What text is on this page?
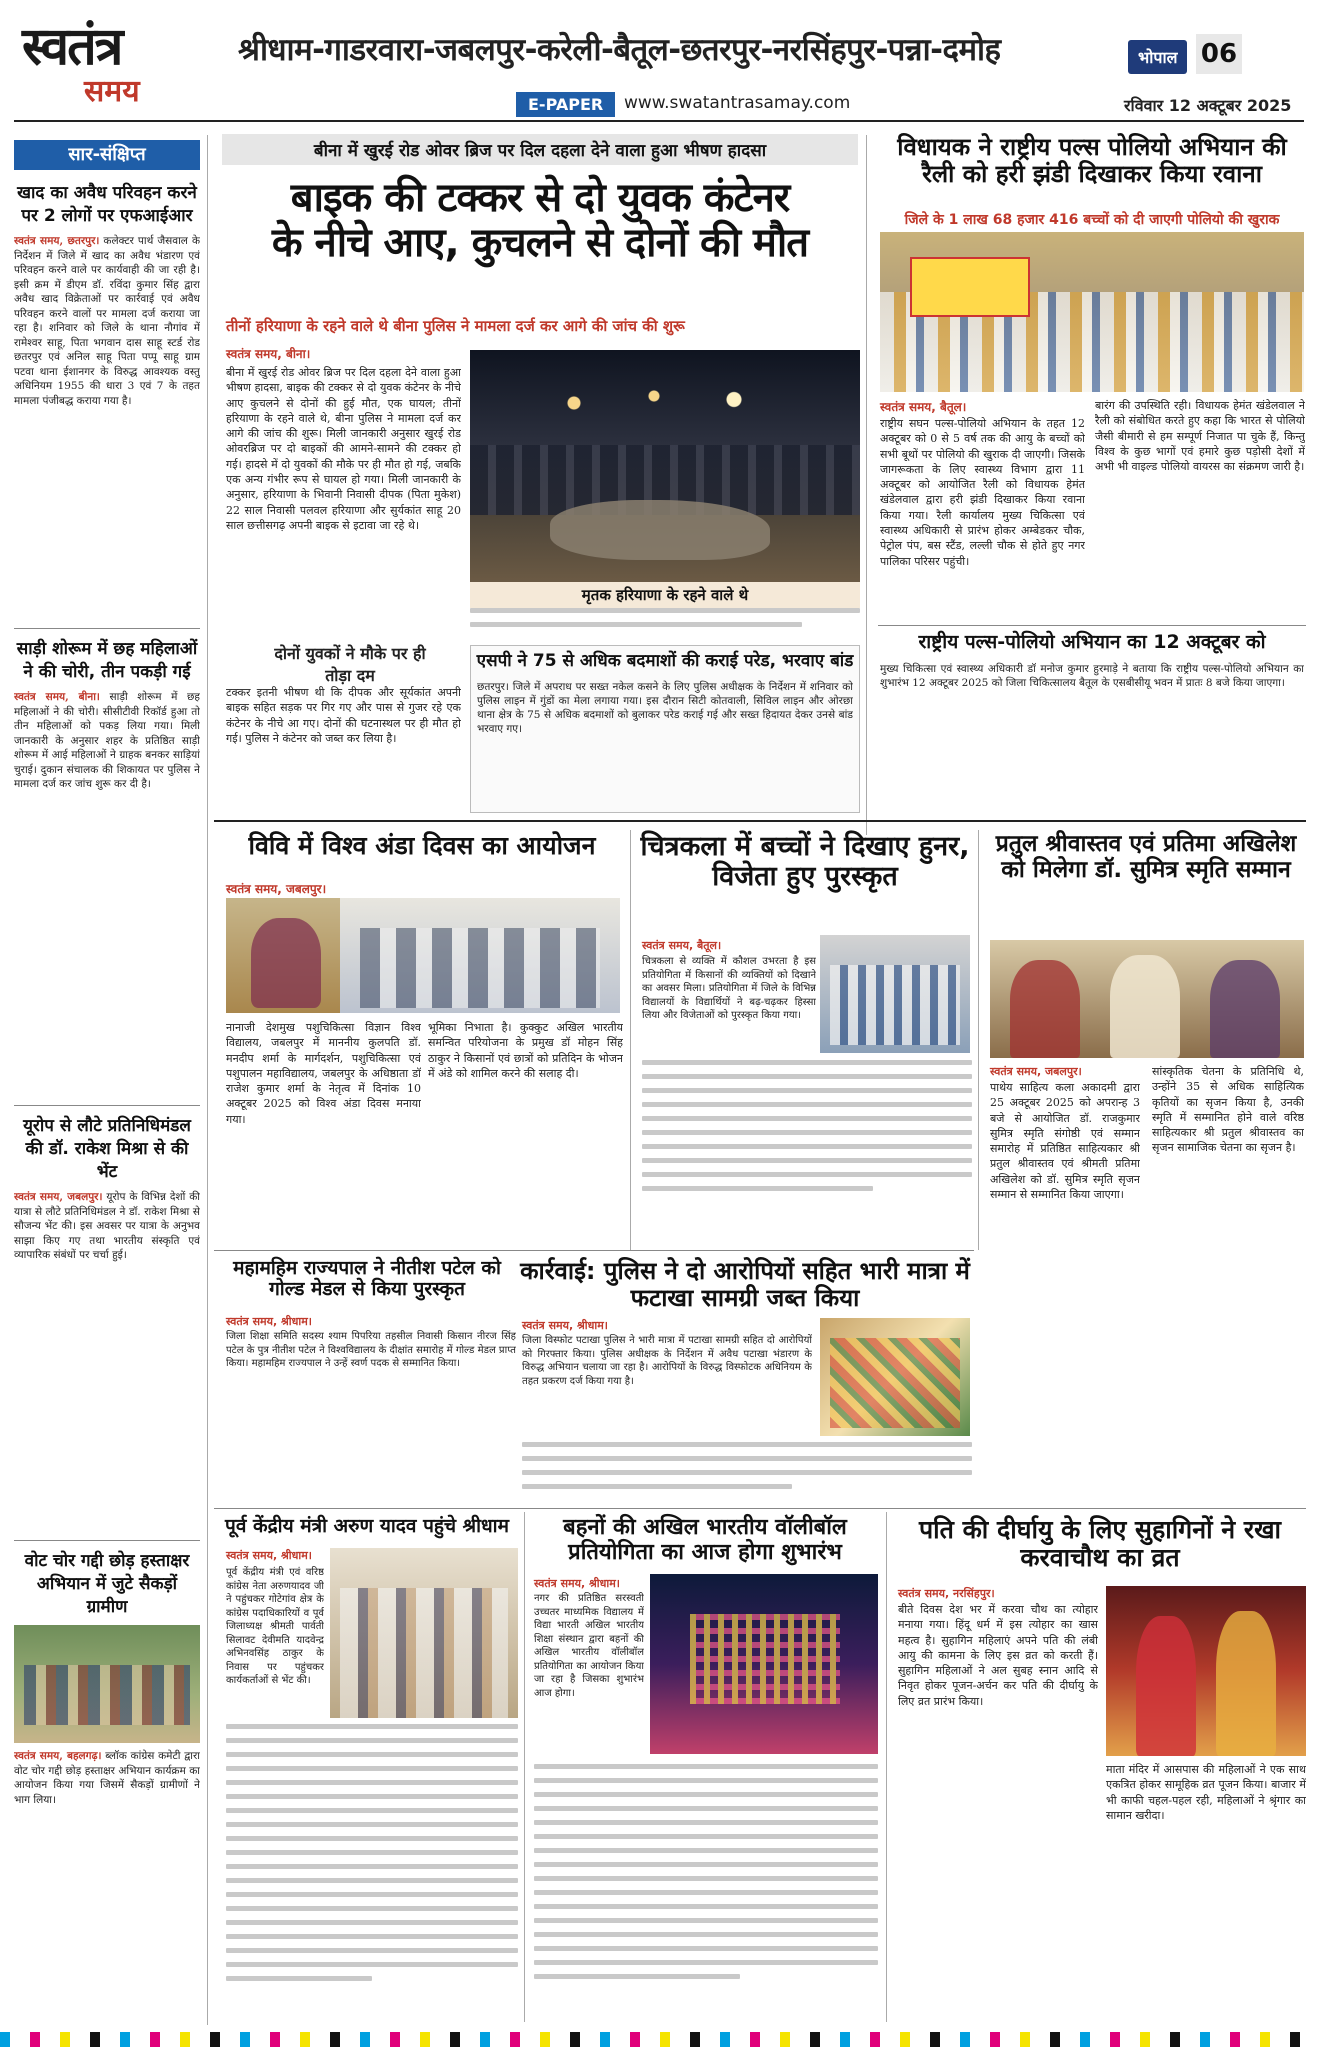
स्वतंत्र
समय
श्रीधाम-गाडरवारा-जबलपुर-करेली-बैतूल-छतरपुर-नरसिंहपुर-पन्ना-दमोह	भोपाल 06
E-PAPER	www.swatantrasamay.com	रविवार 12 अक्टूबर 2025
सार-संक्षिप्त
खाद का अवैध परिवहन करने पर 2 लोगों पर एफआईआर
स्वतंत्र समय, छतरपुर। कलेक्टर पार्थ जैसवाल के निर्देशन में जिले में खाद का अवैध भंडारण एवं परिवहन करने वाले पर कार्यवाही की जा रही है। इसी क्रम में डीएम डॉ. रविंदा कुमार सिंह द्वारा अवैध खाद विक्रेताओं पर कार्रवाई एवं अवैध परिवहन करने वालों पर मामला दर्ज कराया जा रहा है। शनिवार को जिले के थाना नौगांव में रामेश्वर साहू, पिता भगवान दास साहू स्टर्ड रोड छतरपुर एवं अनिल साहू पिता पप्पू साहू ग्राम पटवा थाना ईशानगर के विरुद्ध आवश्यक वस्तु अधिनियम 1955 की धारा 3 एवं 7 के तहत मामला पंजीबद्ध कराया गया है।
साड़ी शोरूम में छह महिलाओं ने की चोरी, तीन पकड़ी गई
स्वतंत्र समय, बीना। साड़ी शोरूम में छह महिलाओं ने की चोरी। सीसीटीवी रिकॉर्ड हुआ तो तीन महिलाओं को पकड़ लिया गया। मिली जानकारी के अनुसार शहर के प्रतिष्ठित साड़ी शोरूम में आई महिलाओं ने ग्राहक बनकर साड़ियां चुराई। दुकान संचालक की शिकायत पर पुलिस ने मामला दर्ज कर जांच शुरू कर दी है।
यूरोप से लौटे प्रतिनिधिमंडल की डॉ. राकेश मिश्रा से की भेंट
स्वतंत्र समय, जबलपुर। यूरोप के विभिन्न देशों की यात्रा से लौटे प्रतिनिधिमंडल ने डॉ. राकेश मिश्रा से सौजन्य भेंट की। इस अवसर पर यात्रा के अनुभव साझा किए गए तथा भारतीय संस्कृति एवं व्यापारिक संबंधों पर चर्चा हुई।
वोट चोर गद्दी छोड़ हस्ताक्षर अभियान में जुटे सैकड़ों ग्रामीण
स्वतंत्र समय, बहलगढ़। ब्लॉक कांग्रेस कमेटी द्वारा वोट चोर गद्दी छोड़ हस्ताक्षर अभियान कार्यक्रम का आयोजन किया गया जिसमें सैकड़ों ग्रामीणों ने भाग लिया।
बीना में खुरई रोड ओवर ब्रिज पर दिल दहला देने वाला हुआ भीषण हादसा
बाइक की टक्कर से दो युवक कंटेनर
के नीचे आए, कुचलने से दोनों की मौत
तीनों हरियाणा के रहने वाले थे बीना पुलिस ने मामला दर्ज कर आगे की जांच की शुरू
स्वतंत्र समय, बीना।
बीना में खुरई रोड ओवर ब्रिज पर दिल दहला देने वाला हुआ भीषण हादसा, बाइक की टक्कर से दो युवक कंटेनर के नीचे आए कुचलने से दोनों की हुई मौत, एक घायल; तीनों हरियाणा के रहने वाले थे, बीना पुलिस ने मामला दर्ज कर आगे की जांच की शुरू। मिली जानकारी अनुसार खुरई रोड ओवरब्रिज पर दो बाइकों की आमने-सामने की टक्कर हो गई। हादसे में दो युवकों की मौके पर ही मौत हो गई, जबकि एक अन्य गंभीर रूप से घायल हो गया। मिली जानकारी के अनुसार, हरियाणा के भिवानी निवासी दीपक (पिता मुकेश) 22 साल निवासी पलवल हरियाणा और सुर्यकांत साहू 20 साल छत्तीसगढ़ अपनी बाइक से इटावा जा रहे थे।
मृतक हरियाणा के रहने वाले थे
दोनों युवकों ने मौके पर ही तोड़ा दम
टक्कर इतनी भीषण थी कि दीपक और सूर्यकांत अपनी बाइक सहित सड़क पर गिर गए और पास से गुजर रहे एक कंटेनर के नीचे आ गए। दोनों की घटनास्थल पर ही मौत हो गई। पुलिस ने कंटेनर को जब्त कर लिया है।
एसपी ने 75 से अधिक बदमाशों की कराई परेड, भरवाए बांड
छतरपुर। जिले में अपराध पर सख्त नकेल कसने के लिए पुलिस अधीक्षक के निर्देशन में शनिवार को पुलिस लाइन में गुंडों का मेला लगाया गया। इस दौरान सिटी कोतवाली, सिविल लाइन और ओरछा थाना क्षेत्र के 75 से अधिक बदमाशों को बुलाकर परेड कराई गई और सख्त हिदायत देकर उनसे बांड भरवाए गए।
विधायक ने राष्ट्रीय पल्स पोलियो अभियान की रैली को हरी झंडी दिखाकर किया रवाना
जिले के 1 लाख 68 हजार 416 बच्चों को दी जाएगी पोलियो की खुराक
स्वतंत्र समय, बैतूल।
राष्ट्रीय सघन पल्स-पोलियो अभियान के तहत 12 अक्टूबर को 0 से 5 वर्ष तक की आयु के बच्चों को सभी बूथों पर पोलियो की खुराक दी जाएगी। जिसके जागरूकता के लिए स्वास्थ्य विभाग द्वारा 11 अक्टूबर को आयोजित रैली को विधायक हेमंत खंडेलवाल द्वारा हरी झंडी दिखाकर किया रवाना किया गया। रैली कार्यालय मुख्य चिकित्सा एवं स्वास्थ्य अधिकारी से प्रारंभ होकर अम्बेडकर चौक, पेट्रोल पंप, बस स्टैंड, लल्ली चौक से होते हुए नगर पालिका परिसर पहुंची।
बारंग की उपस्थिति रही। विधायक हेमंत खंडेलवाल ने रैली को संबोधित करते हुए कहा कि भारत से पोलियो जैसी बीमारी से हम सम्पूर्ण निजात पा चुके हैं, किन्तु विश्व के कुछ भागों एवं हमारे कुछ पड़ोसी देशों में अभी भी वाइल्ड पोलियो वायरस का संक्रमण जारी है।
राष्ट्रीय पल्स-पोलियो अभियान का 12 अक्टूबर को
मुख्य चिकित्सा एवं स्वास्थ्य अधिकारी डॉ मनोज कुमार हुरमाड़े ने बताया कि राष्ट्रीय पल्स-पोलियो अभियान का शुभारंभ 12 अक्टूबर 2025 को जिला चिकित्सालय बैतूल के एसबीसीयू भवन में प्रातः 8 बजे किया जाएगा।
विवि में विश्व अंडा दिवस का आयोजन
स्वतंत्र समय, जबलपुर।
नानाजी देशमुख पशुचिकित्सा विज्ञान विश्व विद्यालय, जबलपुर में माननीय कुलपति डॉ. मनदीप शर्मा के मार्गदर्शन, पशुचिकित्सा एवं पशुपालन महाविद्यालय, जबलपुर के अधिष्ठाता डॉ राजेश कुमार शर्मा के नेतृत्व में दिनांक 10 अक्टूबर 2025 को विश्व अंडा दिवस मनाया गया।
भूमिका निभाता है। कुक्कुट अखिल भारतीय समन्वित परियोजना के प्रमुख डॉ मोहन सिंह ठाकुर ने किसानों एवं छात्रों को प्रतिदिन के भोजन में अंडे को शामिल करने की सलाह दी।
चित्रकला में बच्चों ने दिखाए हुनर, विजेता हुए पुरस्कृत
स्वतंत्र समय, बैतूल।
चित्रकला से व्यक्ति में कौशल उभरता है इस प्रतियोगिता में किसानों की व्यक्तियों को दिखाने का अवसर मिला। प्रतियोगिता में जिले के विभिन्न विद्यालयों के विद्यार्थियों ने बढ़-चढ़कर हिस्सा लिया और विजेताओं को पुरस्कृत किया गया।
प्रतुल श्रीवास्तव एवं प्रतिमा अखिलेश को मिलेगा डॉ. सुमित्र स्मृति सम्मान
स्वतंत्र समय, जबलपुर।
पाथेय साहित्य कला अकादमी द्वारा 25 अक्टूबर 2025 को अपरान्ह 3 बजे से आयोजित डॉ. राजकुमार सुमित्र स्मृति संगोष्ठी एवं सम्मान समारोह में प्रतिष्ठित साहित्यकार श्री प्रतुल श्रीवास्तव एवं श्रीमती प्रतिमा अखिलेश को डॉ. सुमित्र स्मृति सृजन सम्मान से सम्मानित किया जाएगा।
सांस्कृतिक चेतना के प्रतिनिधि थे, उन्होंने 35 से अधिक साहित्यिक कृतियों का सृजन किया है, उनकी स्मृति में सम्मानित होने वाले वरिष्ठ साहित्यकार श्री प्रतुल श्रीवास्तव का सृजन सामाजिक चेतना का सृजन है।
महामहिम राज्यपाल ने नीतीश पटेल को गोल्ड मेडल से किया पुरस्कृत
स्वतंत्र समय, श्रीधाम।
जिला शिक्षा समिति सदस्य श्याम पिपरिया तहसील निवासी किसान नीरज सिंह पटेल के पुत्र नीतीश पटेल ने विश्वविद्यालय के दीक्षांत समारोह में गोल्ड मेडल प्राप्त किया। महामहिम राज्यपाल ने उन्हें स्वर्ण पदक से सम्मानित किया।
कार्रवाई: पुलिस ने दो आरोपियों सहित भारी मात्रा में फटाखा सामग्री जब्त किया
स्वतंत्र समय, श्रीधाम।
जिला विस्फोट पटाखा पुलिस ने भारी मात्रा में पटाखा सामग्री सहित दो आरोपियों को गिरफ्तार किया। पुलिस अधीक्षक के निर्देशन में अवैध पटाखा भंडारण के विरुद्ध अभियान चलाया जा रहा है। आरोपियों के विरुद्ध विस्फोटक अधिनियम के तहत प्रकरण दर्ज किया गया है।
पूर्व केंद्रीय मंत्री अरुण यादव पहुंचे श्रीधाम
स्वतंत्र समय, श्रीधाम।
पूर्व केंद्रीय मंत्री एवं वरिष्ठ कांग्रेस नेता अरुणयादव जी ने पहुंचकर गोटेगांव क्षेत्र के कांग्रेस पदाधिकारियों व पूर्व जिलाध्यक्ष श्रीमती पार्वती सिलावट देवीमति यादवेन्द्र अभिनवसिंह ठाकुर के निवास पर पहुंचकर कार्यकर्ताओं से भेंट की।
बहनों की अखिल भारतीय वॉलीबॉल प्रतियोगिता का आज होगा शुभारंभ
स्वतंत्र समय, श्रीधाम।
नगर की प्रतिष्ठित सरस्वती उच्चतर माध्यमिक विद्यालय में विद्या भारती अखिल भारतीय शिक्षा संस्थान द्वारा बहनों की अखिल भारतीय वॉलीबॉल प्रतियोगिता का आयोजन किया जा रहा है जिसका शुभारंभ आज होगा।
पति की दीर्घायु के लिए सुहागिनों ने रखा करवाचौथ का व्रत
स्वतंत्र समय, नरसिंहपुर।
बीते दिवस देश भर में करवा चौथ का त्योहार मनाया गया। हिंदू धर्म में इस त्योहार का खास महत्व है। सुहागिन महिलाएं अपने पति की लंबी आयु की कामना के लिए इस व्रत को करती हैं। सुहागिन महिलाओं ने अल सुबह स्नान आदि से निवृत होकर पूजन-अर्चन कर पति की दीर्घायु के लिए व्रत प्रारंभ किया।
माता मंदिर में आसपास की महिलाओं ने एक साथ एकत्रित होकर सामूहिक व्रत पूजन किया। बाजार में भी काफी चहल-पहल रही, महिलाओं ने श्रृंगार का सामान खरीदा।
